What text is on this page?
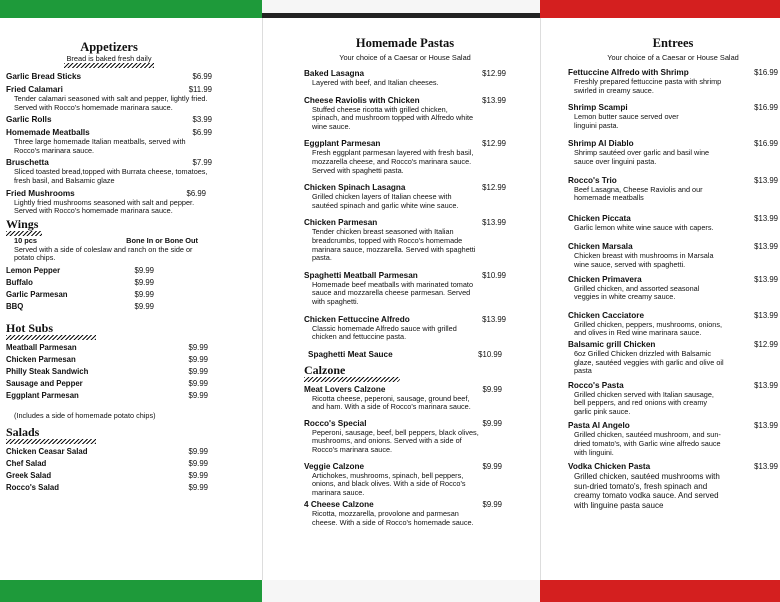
Appetizers
Bread is baked fresh daily
Garlic Bread Sticks	$6.99
Fried Calamari	$11.99
Tender calamari seasoned with salt and pepper, lightly fried. Served with Rocco's homemade marinara sauce.
Garlic Rolls	$3.99
Homemade Meatballs	$6.99
Three large homemade Italian meatballs, served with Rocco's marinara sauce.
Bruschetta	$7.99
Sliced toasted bread,topped with Burrata cheese, tomatoes, fresh basil, and Balsamic glaze
Fried Mushrooms	$6.99
Lightly fried mushrooms seasoned with salt and pepper. Served with Rocco's homemade marinara sauce.
Wings
10 pcs	Bone In or Bone Out
Served with a side of coleslaw and ranch on the side or potato chips.
Lemon Pepper	$9.99
Buffalo	$9.99
Garlic Parmesan	$9.99
BBQ	$9.99
Hot Subs
Meatball Parmesan	$9.99
Chicken Parmesan	$9.99
Philly Steak Sandwich	$9.99
Sausage and Pepper	$9.99
Eggplant Parmesan	$9.99
(Includes a side of homemade potato chips)
Salads
Chicken Ceasar Salad	$9.99
Chef Salad	$9.99
Greek Salad	$9.99
Rocco's Salad	$9.99
Homemade Pastas
Your choice of a Caesar or House Salad
Baked Lasagna	$12.99
Layered with beef, and Italian cheeses.
Cheese Raviolis with Chicken	$13.99
Stuffed cheese ricotta with grilled chicken, spinach, and mushroom topped with Alfredo white wine sauce.
Eggplant Parmesan	$12.99
Fresh eggplant parmesan layered with fresh basil, mozzarella cheese, and Rocco's marinara sauce. Served with spaghetti pasta.
Chicken Spinach Lasagna	$12.99
Grilled chicken layers of Italian cheese with sautéed spinach and garlic white wine sauce.
Chicken Parmesan	$13.99
Tender chicken breast seasoned with Italian breadcrumbs, topped with Rocco's homemade marinara sauce, mozzarella. Served with spaghetti pasta.
Spaghetti Meatball Parmesan	$10.99
Homemade beef meatballs with marinated tomato sauce and mozzarella cheese parmesan. Served with spaghetti.
Chicken Fettuccine Alfredo	$13.99
Classic homemade Alfredo sauce with grilled chicken and fettuccine pasta.
Spaghetti Meat Sauce	$10.99
Calzone
Meat Lovers Calzone	$9.99
Ricotta cheese, peperoni, sausage, ground beef, and ham. With a side of Rocco's marinara sauce.
Rocco's Special	$9.99
Peperoni, sausage, beef, bell peppers, black olives, mushrooms, and onions. Served with a side of Rocco's marinara sauce.
Veggie Calzone	$9.99
Artichokes, mushrooms, spinach, bell peppers, onions, and black olives. With a side of Rocco's marinara sauce.
4 Cheese Calzone	$9.99
Ricotta, mozzarella, provolone and parmesan cheese. With a side of Rocco's homemade sauce.
Entrees
Your choice of a Caesar or House Salad
Fettuccine Alfredo with Shrimp	$16.99
Freshly prepared fettuccine pasta with shrimp swirled in creamy sauce.
Shrimp Scampi	$16.99
Lemon butter sauce served over linguini pasta.
Shrimp Al Diablo	$16.99
Shrimp sautéed over garlic and basil wine sauce over linguini pasta.
Rocco's Trio	$13.99
Beef Lasagna, Cheese Raviolis and our homemade meatballs
Chicken Piccata	$13.99
Garlic lemon white wine sauce with capers.
Chicken Marsala	$13.99
Chicken breast with mushrooms in Marsala wine sauce, served with spaghetti.
Chicken Primavera	$13.99
Grilled chicken, and assorted seasonal veggies in white creamy sauce.
Chicken Cacciatore	$13.99
Grilled chicken, peppers, mushrooms, onions, and olives in Red wine marinara sauce.
Balsamic grill Chicken	$12.99
6oz Grilled Chicken drizzled with Balsamic glaze, sautéed veggies with garlic and olive oil pasta
Rocco's Pasta	$13.99
Grilled chicken served with Italian sausage, bell peppers, and red onions with creamy garlic pink sauce.
Pasta Al Angelo	$13.99
Grilled chicken, sautéed mushroom, and sun-dried tomato's, with Garlic wine alfredo sauce with linguini.
Vodka Chicken Pasta	$13.99
Grilled chicken, sautéed mushrooms with sun-dried tomato's, fresh spinach and creamy tomato vodka sauce. And served with linguine pasta sauce
